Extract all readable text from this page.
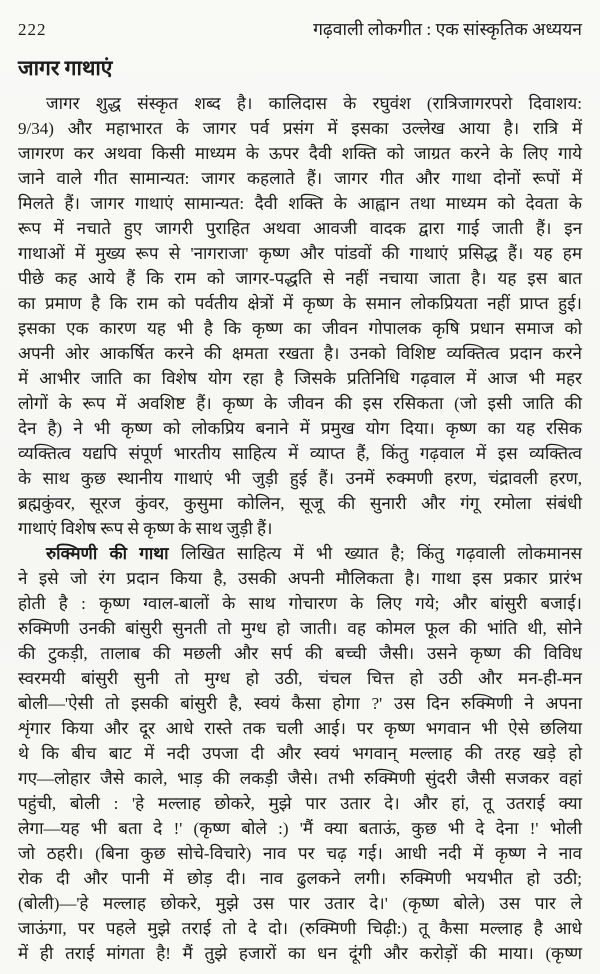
222	गढ़वाली लोकगीत : एक सांस्कृतिक अध्ययन
जागर गाथाएं
जागर शुद्ध संस्कृत शब्द है। कालिदास के रघुवंश (रात्रिजागरपरो दिवाशय:
9/34) और महाभारत के जागर पर्व प्रसंग में इसका उल्लेख आया है। रात्रि में
जागरण कर अथवा किसी माध्यम के ऊपर दैवी शक्ति को जाग्रत करने के लिए गाये
जाने वाले गीत सामान्यत: जागर कहलाते हैं। जागर गीत और गाथा दोनों रूपों में
मिलते हैं। जागर गाथाएं सामान्यत: दैवी शक्ति के आह्वान तथा माध्यम को देवता के
रूप में नचाते हुए जागरी पुराहित अथवा आवजी वादक द्वारा गाई जाती हैं। इन
गाथाओं में मुख्य रूप से 'नागराजा' कृष्ण और पांडवों की गाथाएं प्रसिद्ध हैं। यह हम
पीछे कह आये हैं कि राम को जागर-पद्धति से नहीं नचाया जाता है। यह इस बात
का प्रमाण है कि राम को पर्वतीय क्षेत्रों में कृष्ण के समान लोकप्रियता नहीं प्राप्त हुई।
इसका एक कारण यह भी है कि कृष्ण का जीवन गोपालक कृषि प्रधान समाज को
अपनी ओर आकर्षित करने की क्षमता रखता है। उनको विशिष्ट व्यक्तित्व प्रदान करने
में आभीर जाति का विशेष योग रहा है जिसके प्रतिनिधि गढ़वाल में आज भी महर
लोगों के रूप में अवशिष्ट हैं। कृष्ण के जीवन की इस रसिकता (जो इसी जाति की
देन है) ने भी कृष्ण को लोकप्रिय बनाने में प्रमुख योग दिया। कृष्ण का यह रसिक
व्यक्तित्व यद्यपि संपूर्ण भारतीय साहित्य में व्याप्त हैं, किंतु गढ़वाल में इस व्यक्तित्व
के साथ कुछ स्थानीय गाथाएं भी जुड़ी हुई हैं। उनमें रुक्मणी हरण, चंद्रावली हरण,
ब्रह्मकुंवर, सूरज कुंवर, कुसुमा कोलिन, सूजू की सुनारी और गंगू रमोला संबंधी
गाथाएं विशेष रूप से कृष्ण के साथ जुड़ी हैं।
रुक्मिणी की गाथा लिखित साहित्य में भी ख्यात है; किंतु गढ़वाली लोकमानस
ने इसे जो रंग प्रदान किया है, उसकी अपनी मौलिकता है। गाथा इस प्रकार प्रारंभ
होती है : कृष्ण ग्वाल-बालों के साथ गोचारण के लिए गये; और बांसुरी बजाई।
रुक्मिणी उनकी बांसुरी सुनती तो मुग्ध हो जाती। वह कोमल फूल की भांति थी, सोने
की टुकड़ी, तालाब की मछली और सर्प की बच्ची जैसी। उसने कृष्ण की विविध
स्वरमयी बांसुरी सुनी तो मुग्ध हो उठी, चंचल चित्त हो उठी और मन-ही-मन
बोली—'ऐसी तो इसकी बांसुरी है, स्वयं कैसा होगा ?' उस दिन रुक्मिणी ने अपना
शृंगार किया और दूर आधे रास्ते तक चली आई। पर कृष्ण भगवान भी ऐसे छलिया
थे कि बीच बाट में नदी उपजा दी और स्वयं भगवान् मल्लाह की तरह खड़े हो
गए—लोहार जैसे काले, भाड़ की लकड़ी जैसे। तभी रुक्मिणी सुंदरी जैसी सजकर वहां
पहुंची, बोली : 'हे मल्लाह छोकरे, मुझे पार उतार दे। और हां, तू उतराई क्या
लेगा—यह भी बता दे !' (कृष्ण बोले :) 'मैं क्या बताऊं, कुछ भी दे देना !' भोली
जो ठहरी। (बिना कुछ सोचे-विचारे) नाव पर चढ़ गई। आधी नदी में कृष्ण ने नाव
रोक दी और पानी में छोड़ दी। नाव ढुलकने लगी। रुक्मिणी भयभीत हो उठी;
(बोली)—'हे मल्लाह छोकरे, मुझे उस पार उतार दे।' (कृष्ण बोले) उस पार ले
जाऊंगा, पर पहले मुझे तराई तो दे दो। (रुक्मिणी चिढ़ी:) तू कैसा मल्लाह है आधे
में ही तराई मांगता है! मैं तुझे हजारों का धन दूंगी और करोड़ों की माया। (कृष्ण
